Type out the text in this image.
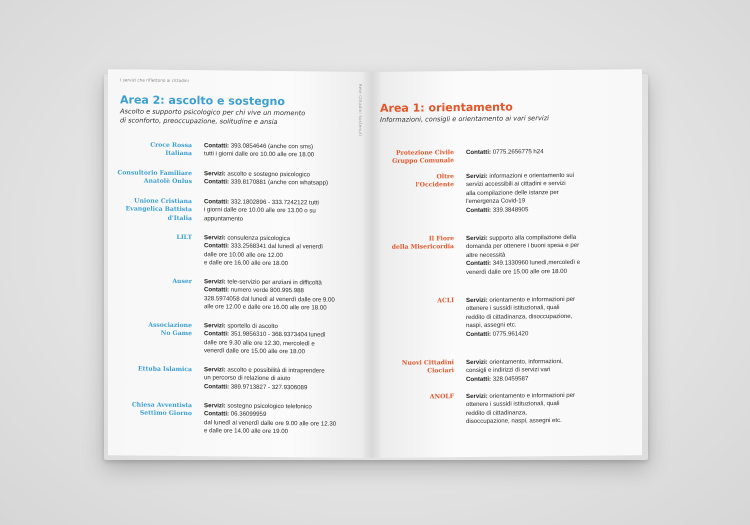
I servizi che riflettono ai cittadini
Rete Cittadini Sostenuti
Area 2: ascolto e sostegno
Ascolto e supporto psicologico per chi vive un momento
di sconforto, preoccupazione, solitudine e ansia
Croce Rossa
Italiana
Contatti: 393.0854646 (anche con sms)
tutti i giorni dalle ore 10.00 alle ore 18.00
Consultorio Familiare
Anatolè Onlus
Servizi: ascolto e sostegno psicologico
Contatti: 339.8170881 (anche con whatsapp)
Unione Cristiana
Evangelica Battista
d'Italia
Contatti: 332.1802896 - 333.7242122 tutti
i giorni dalle ore 10.00 alle ore 13.00 o su
appuntamento
LILT Servizi: consulenza psicologica
Contatti: 333.2568341 dal lunedì al venerdì
dalle ore 10.00 alle ore 12.00
e dalle ore 16.00 alle ore 18.00
Auser Servizi: tele-servizio per anziani in difficoltà
Contatti: numero verde 800.995.988
328.5974058 dal lunedì al venerdì dalle ore 9.00
alle ore 12.00 e dalle ore 16.00 alle ore 18.00
Associazione
No Game
Servizi: sportello di ascolto
Contatti: 351.9856310 - 368.9373404 lunedì
dalle ore 9.30 alle ore 12.30, mercoledì e
venerdì dalle ore 15.00 alle ore 18.00
Ettuba Islamica Servizi: ascolto e possibilità di intraprendere
un percorso di relazione di aiuto
Contatti: 389.9713827 - 327.9306089
Chiesa Avventista
Settimo Giorno
Servizi: sostegno psicologico telefonico
Contatti: 06.36099959
dal lunedì al venerdì dalle ore 9.00 alle ore 12.30
e dalle ore 14.00 alle ore 19.00
Area 1: orientamento
Informazioni, consigli e orientamento ai vari servizi
Protezione Civile
Gruppo Comunale
Contatti: 0775.2656775 h24
Oltre
l'Occidente
Servizi: informazioni e orientamento sui
servizi accessibili ai cittadini e servizi
alla compilazione delle istanze per
l'emergenza Covid-19
Contatti: 339.3848905
Il Fiore
della Misericordia
Servizi: supporto alla compilazione della
domanda per ottenere i buoni spesa e per
altre necessità
Contatti: 349.1330960 lunedì,mercoledì e
venerdì dalle ore 15.00 alle ore 18.00
ACLI Servizi: orientamento e informazioni per
ottenere i sussidi istituzionali, quali
reddito di cittadinanza, disoccupazione,
naspi, assegni etc.
Contatti: 0775.961420
Nuovi Cittadini
Ciociari
Servizi: orientamento, informazioni,
consigli e indirizzi di servizi vari
Contatti: 328.0459587
ANOLF Servizi: orientamento e informazioni per
ottenere i sussidi istituzionali, quali
reddito di cittadinanza,
disoccupazione, naspi, assegni etc.
